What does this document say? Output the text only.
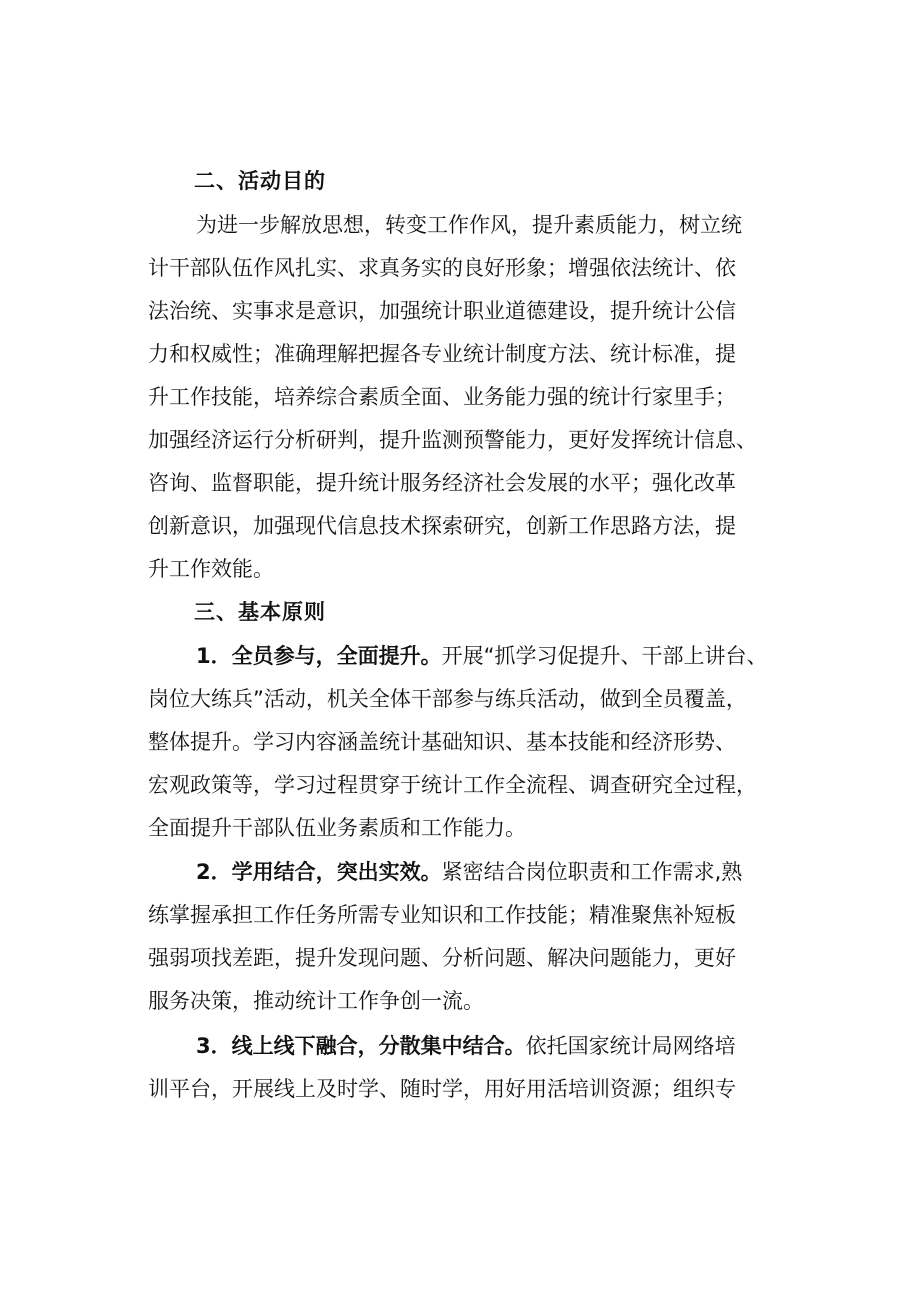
二、活动目的
为进一步解放思想，转变工作作风，提升素质能力，树立统
计干部队伍作风扎实、求真务实的良好形象；增强依法统计、依
法治统、实事求是意识，加强统计职业道德建设，提升统计公信
力和权威性；准确理解把握各专业统计制度方法、统计标准，提
升工作技能，培养综合素质全面、业务能力强的统计行家里手；
加强经济运行分析研判，提升监测预警能力，更好发挥统计信息、
咨询、监督职能，提升统计服务经济社会发展的水平；强化改革
创新意识，加强现代信息技术探索研究，创新工作思路方法，提
升工作效能。
三、基本原则
1．全员参与，全面提升。开展“抓学习促提升、干部上讲台、
岗位大练兵”活动，机关全体干部参与练兵活动，做到全员覆盖，
整体提升。学习内容涵盖统计基础知识、基本技能和经济形势、
宏观政策等，学习过程贯穿于统计工作全流程、调查研究全过程，
全面提升干部队伍业务素质和工作能力。
2．学用结合，突出实效。紧密结合岗位职责和工作需求,熟
练掌握承担工作任务所需专业知识和工作技能；精准聚焦补短板
强弱项找差距，提升发现问题、分析问题、解决问题能力，更好
服务决策，推动统计工作争创一流。
3．线上线下融合，分散集中结合。依托国家统计局网络培
训平台，开展线上及时学、随时学，用好用活培训资源；组织专
